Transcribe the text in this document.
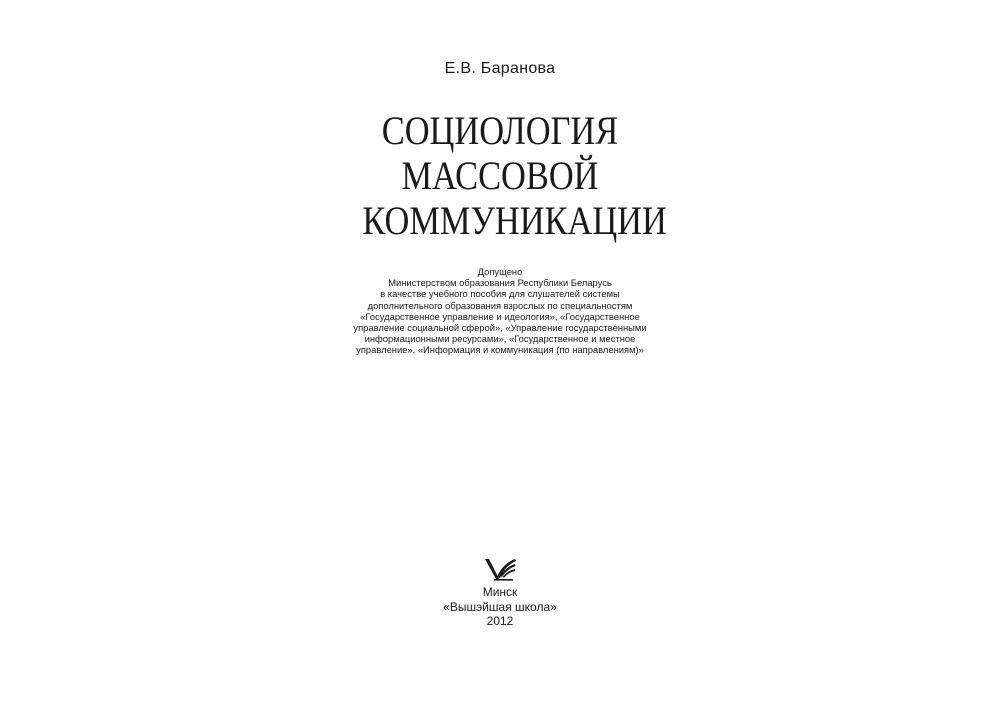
Е.В. Баранова
СОЦИОЛОГИЯ
МАССОВОЙ
КОММУНИКАЦИИ
Допущено
Министерством образования Республики Беларусь
в качестве учебного пособия для слушателей системы
дополнительного образования взрослых по специальностям
«Государственное управление и идеология», «Государственное
управление социальной сферой», «Управление государственными
информационными ресурсами», «Государственное и местное
управление», «Информация и коммуникация (по направлениям)»
Минск
«Вышэйшая школа»
2012
